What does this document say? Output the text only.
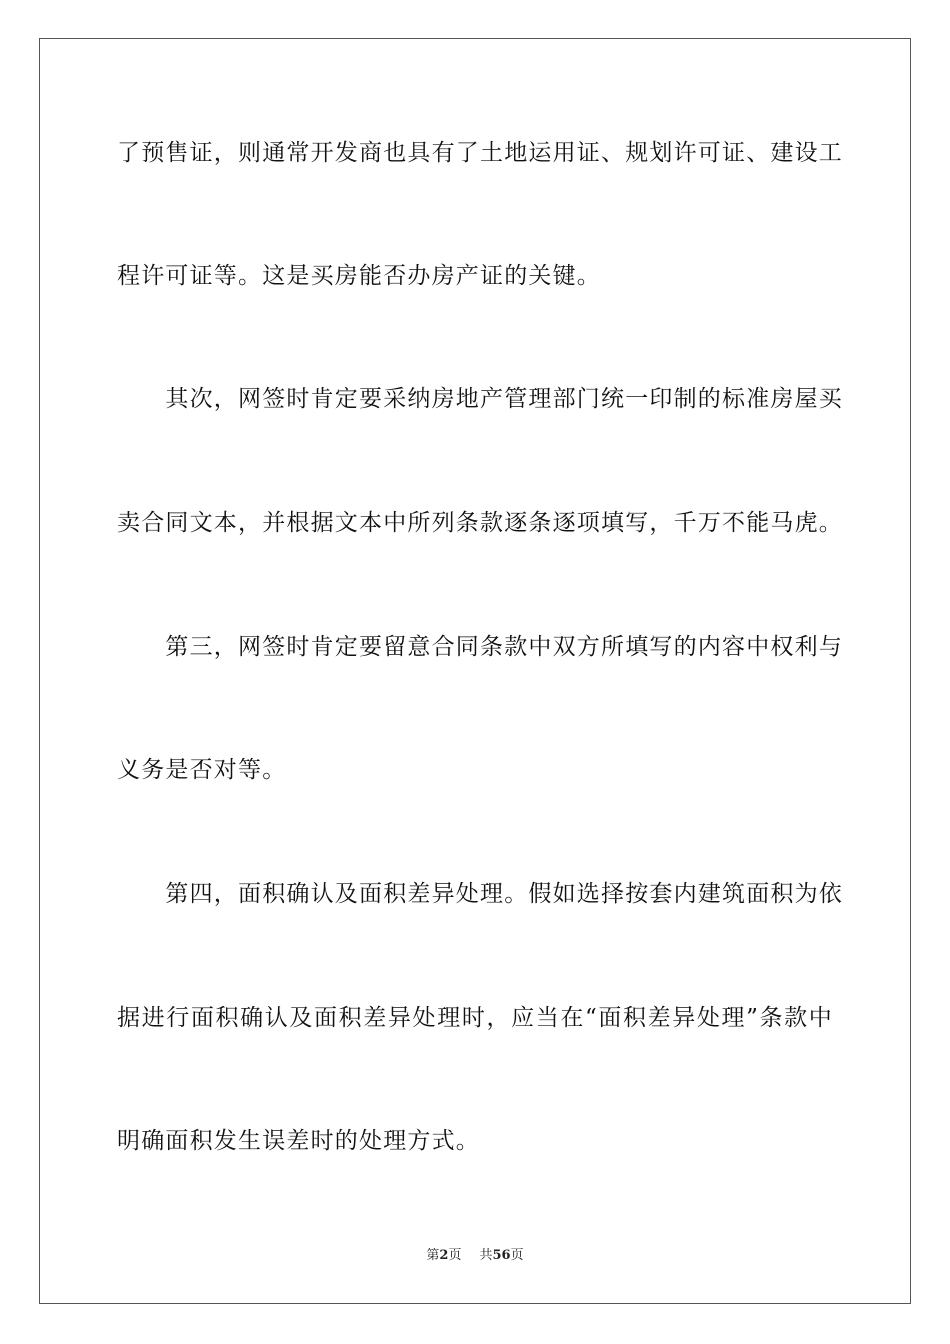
了预售证，则通常开发商也具有了土地运用证、规划许可证、建设工
程许可证等。这是买房能否办房产证的关键。
　　其次，网签时肯定要采纳房地产管理部门统一印制的标准房屋买
卖合同文本，并根据文本中所列条款逐条逐项填写，千万不能马虎。
　　第三，网签时肯定要留意合同条款中双方所填写的内容中权利与
义务是否对等。
　　第四，面积确认及面积差异处理。假如选择按套内建筑面积为依
据进行面积确认及面积差异处理时，应当在“面积差异处理”条款中
明确面积发生误差时的处理方式。
第2页 共56页
